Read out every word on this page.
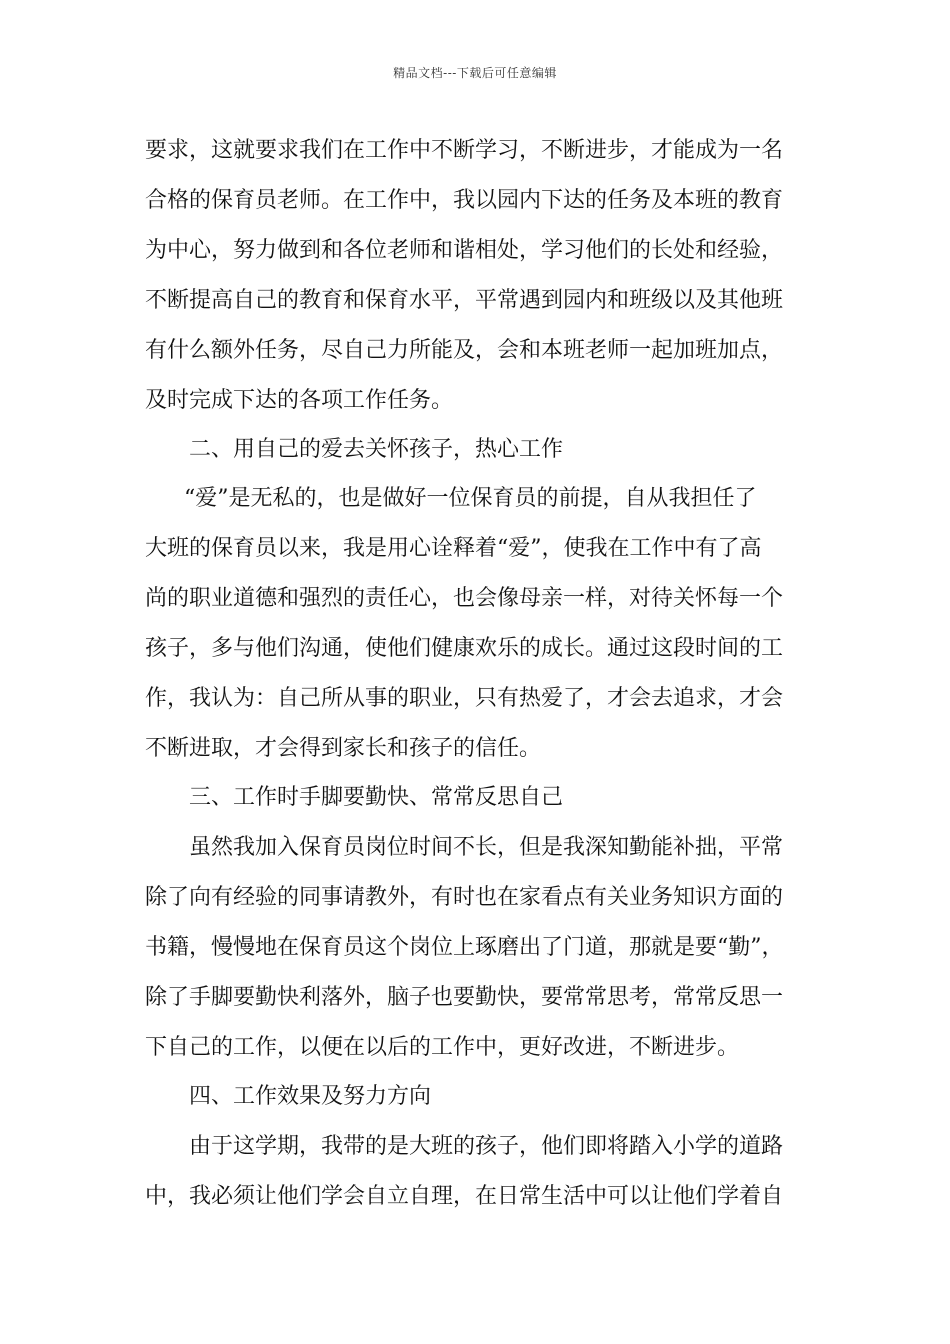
精品文档---下载后可任意编辑
要求，这就要求我们在工作中不断学习，不断进步，才能成为一名
合格的保育员老师。在工作中，我以园内下达的任务及本班的教育
为中心，努力做到和各位老师和谐相处，学习他们的长处和经验，
不断提高自己的教育和保育水平，平常遇到园内和班级以及其他班
有什么额外任务，尽自己力所能及，会和本班老师一起加班加点，
及时完成下达的各项工作任务。
二、用自己的爱去关怀孩子，热心工作
“爱”是无私的，也是做好一位保育员的前提，自从我担任了
大班的保育员以来，我是用心诠释着“爱”，使我在工作中有了高
尚的职业道德和强烈的责任心，也会像母亲一样，对待关怀每一个
孩子，多与他们沟通，使他们健康欢乐的成长。通过这段时间的工
作，我认为：自己所从事的职业，只有热爱了，才会去追求，才会
不断进取，才会得到家长和孩子的信任。
三、工作时手脚要勤快、常常反思自己
虽然我加入保育员岗位时间不长，但是我深知勤能补拙，平常
除了向有经验的同事请教外，有时也在家看点有关业务知识方面的
书籍，慢慢地在保育员这个岗位上琢磨出了门道，那就是要“勤”，
除了手脚要勤快利落外，脑子也要勤快，要常常思考，常常反思一
下自己的工作，以便在以后的工作中，更好改进，不断进步。
四、工作效果及努力方向
由于这学期，我带的是大班的孩子，他们即将踏入小学的道路
中，我必须让他们学会自立自理，在日常生活中可以让他们学着自
